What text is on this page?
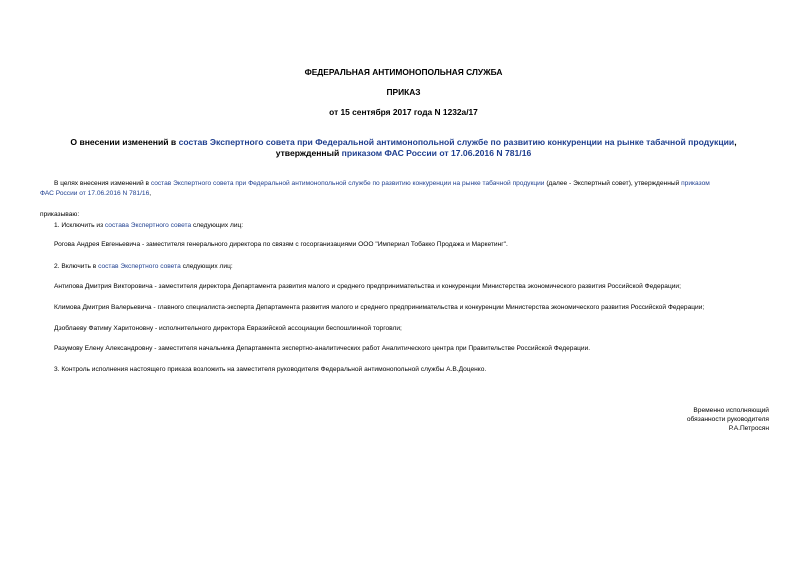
ФЕДЕРАЛЬНАЯ АНТИМОНОПОЛЬНАЯ СЛУЖБА
ПРИКАЗ
от 15 сентября 2017 года N 1232а/17
О внесении изменений в состав Экспертного совета при Федеральной антимонопольной службе по развитию конкуренции на рынке табачной продукции,
утвержденный приказом ФАС России от 17.06.2016 N 781/16
В целях внесения изменений в состав Экспертного совета при Федеральной антимонопольной службе по развитию конкуренции на рынке табачной продукции (далее - Экспертный совет), утвержденный приказом
ФАС России от 17.06.2016 N 781/16,
приказываю:
1. Исключить из состава Экспертного совета следующих лиц:
Рогова Андрея Евгеньевича - заместителя генерального директора по связям с госорганизациями ООО "Империал Тобакко Продажа и Маркетинг".
2. Включить в состав Экспертного совета следующих лиц:
Антипова Дмитрия Викторовича - заместителя директора Департамента развития малого и среднего предпринимательства и конкуренции Министерства экономического развития Российской Федерации;
Климова Дмитрия Валерьевича - главного специалиста-эксперта Департамента развития малого и среднего предпринимательства и конкуренции Министерства экономического развития Российской Федерации;
Дзоблаеву Фатиму Харитоновну - исполнительного директора Евразийской ассоциации беспошлинной торговли;
Разумову Елену Александровну - заместителя начальника Департамента экспертно-аналитических работ Аналитического центра при Правительстве Российской Федерации.
3. Контроль исполнения настоящего приказа возложить на заместителя руководителя Федеральной антимонопольной службы А.В.Доценко.
Временно исполняющий
обязанности руководителя
Р.А.Петросян
